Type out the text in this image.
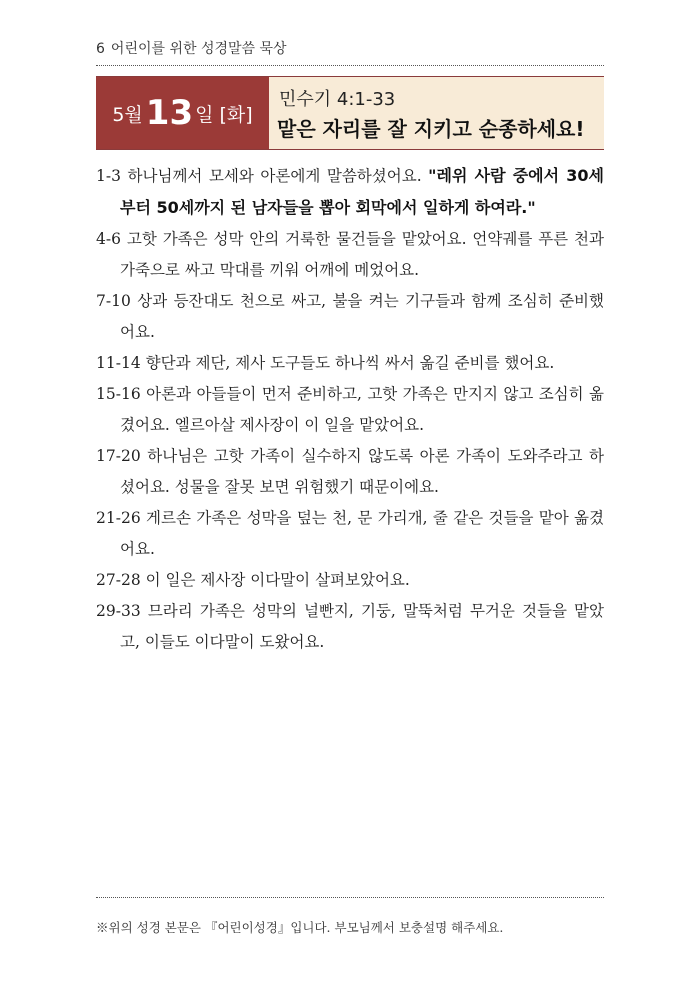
6 어린이를 위한 성경말씀 묵상
5월 13 일 [화]
민수기 4:1-33
맡은 자리를 잘 지키고 순종하세요!
1-3 하나님께서 모세와 아론에게 말씀하셨어요. "레위 사람 중에서 30세부터 50세까지 된 남자들을 뽑아 회막에서 일하게 하여라."
4-6 고핫 가족은 성막 안의 거룩한 물건들을 맡았어요. 언약궤를 푸른 천과 가죽으로 싸고 막대를 끼워 어깨에 메었어요.
7-10 상과 등잔대도 천으로 싸고, 불을 켜는 기구들과 함께 조심히 준비했어요.
11-14 향단과 제단, 제사 도구들도 하나씩 싸서 옮길 준비를 했어요.
15-16 아론과 아들들이 먼저 준비하고, 고핫 가족은 만지지 않고 조심히 옮겼어요. 엘르아살 제사장이 이 일을 맡았어요.
17-20 하나님은 고핫 가족이 실수하지 않도록 아론 가족이 도와주라고 하셨어요. 성물을 잘못 보면 위험했기 때문이에요.
21-26 게르손 가족은 성막을 덮는 천, 문 가리개, 줄 같은 것들을 맡아 옮겼어요.
27-28 이 일은 제사장 이다말이 살펴보았어요.
29-33 므라리 가족은 성막의 널빤지, 기둥, 말뚝처럼 무거운 것들을 맡았고, 이들도 이다말이 도왔어요.
※위의 성경 본문은 『어린이성경』입니다. 부모님께서 보충설명 해주세요.
